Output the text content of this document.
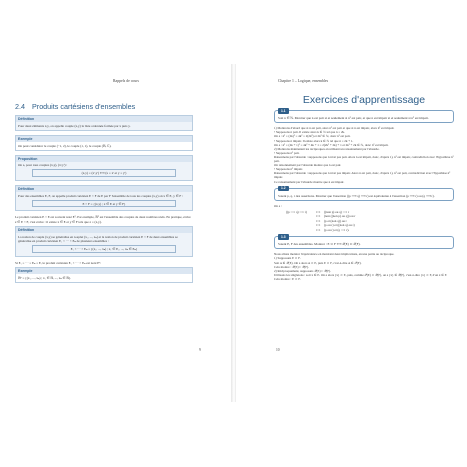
Rappels de cours
2.4 Produits cartésiens d'ensembles
Définition
Pour deux éléments x,y, on appelle couple (x,y) la liste ordonnée formée par x puis y.
Exemple
On peut considérer le couple (−1, 2), le couple (1, 1), le couple (ℝ, ℂ).
Proposition
On a, pour tous couples (x,y), (x',y') :
(x,y) = (x',y') ⟺ (x = x' et y = y')
Définition
Pour des ensembles E, F, on appelle produit cartésien E × F de E par F l'ensemble de tous les couples (x,y) où x ∈ E, y ∈ F :
E × F = {(x,y) ; x ∈ E et y ∈ F}

Le produit cartésien E × E est souvent noté E². Par exemple, ℝ² est l'ensemble des couples de deux nombres réels. En pratique, écrire z ∈ E × F, c'est écrire : il existe x ∈ E et y ∈ F tels que z = (x,y).

Définition
La notion de couple (x,y) se généralise en n-uplet (x₁, ..., xₙ) et la notion de produit cartésien E × F de deux ensembles se généralise en produit cartésien E₁ × ··· × Eₙ de plusieurs ensembles :
E₁ × ··· × Eₙ = {(x₁, ..., xₙ) ; x₁ ∈ E₁, ..., xₙ ∈ Eₙ}

Si E₁ = ··· = Eₙ = E, le produit cartésien E₁ × ··· × Eₙ est noté Eⁿ.

Exemple
ℝⁿ = {(x₁, ..., xₙ) ; x₁ ∈ ℝ, ..., xₙ ∈ ℝ}.
9
Chapitre 1 – Logique, ensembles
Exercices d'apprentissage
1.1
Soit n ∈ ℕ. Montrer que n est pair si et seulement si n² est pair, et que n est impair si et seulement si n² est impair.

1) Montrons d'abord que si n est pair, alors n² est pair et que si n est impair, alors n² est impair.

• Supposons n pair. Il existe alors k ∈ ℕ tel que n = 2k.

On a : n² = (2k)² = 4k² = 2(2k²) et 2k² ∈ ℕ, donc n² est pair.

• Supposons n impair. Il existe alors k ∈ ℕ tel que n = 2k + 1.

On a : n² = (2k + 1)² = 4k² + 4k + 1 = 2(2k² + 2k) + 1 et 2k² + 2k ∈ ℕ, donc n² est impair.

2) Montrons maintenant les réciproques en utilisant un raisonnement par l'absurde.

• Supposons n² pair.

Raisonnons par l'absurde : supposons que n n'est pas pair. Alors n est impair, donc, d'après 1), n² est impair, contradiction avec l'hypothèse n² pair.

On raisonnement par l'absurde montre que n est pair.

• Supposons n² impair.

Raisonnons par l'absurde : supposons que n n'est pas impair. Alors n est pair, donc, d'après 1), n² est pair, contradiction avec l'hypothèse n² impair.

Ce raisonnement par l'absurde montre que n est impair.

1.2
Soient p, q, r des assertions. Montrer que l'assertion ((p ⟹ q) ⟹ r) est équivalente à l'assertion (p ⟹ r) ou (q ⟹ r).

On a :

((p ⟹ q) ⟹ r)	⟺	((non p) ou q) ⟹ r
⟺	(non ((non p) ou q)) ou r
⟺	(p et (non q)) ou r
⟺	(p ou r) et ((non q) ou r)
⟺	(p ou r) et (q ⟹ r).
1.3
Soient E, F des ensembles. Montrer : E ⊂ F ⟺ 𝒫(E) ⊂ 𝒫(F).

Nous allons montrer l'équivalence en montrant deux implications, en une partie au réciproque.

1) Supposons E ⊂ F.

Soit A ∈ 𝒫(E). On a alors A ⊂ E, puis E ⊂ F, c'est-à-dire A ∈ 𝒫(F).

Cela montre : 𝒫(E) ⊂ 𝒫(F).

2) Réciproquement, supposons 𝒫(E) ⊂ 𝒫(F).

Utilisons les singletons : soit x ∈ E. On a alors {x} ⊂ E, puis, comme 𝒫(E) ⊂ 𝒫(F), on a {x} ∈ 𝒫(F), c'est-à-dire {x} ⊂ F, d'où x ∈ F.

Cela montre : E ⊂ F.

10
